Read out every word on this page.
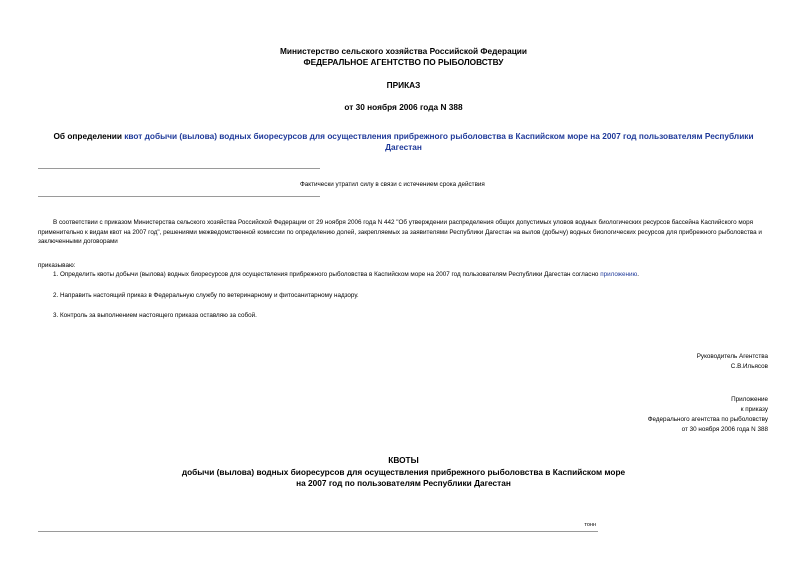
Министерство сельского хозяйства Российской Федерации
ФЕДЕРАЛЬНОЕ АГЕНТСТВО ПО РЫБОЛОВСТВУ
ПРИКАЗ
от 30 ноября 2006 года N 388
Об определении квот добычи (вылова) водных биоресурсов для осуществления прибрежного рыболовства в Каспийском море на 2007 год пользователям Республики Дагестан
Фактически утратил силу в связи с истечением срока действия
В соответствии с приказом Министерства сельского хозяйства Российской Федерации от 29 ноября 2006 года N 442 "Об утверждении распределения общих допустимых уловов водных биологических ресурсов бассейна Каспийского моря применительно к видам квот на 2007 год", решениями межведомственной комиссии по определению долей, закрепляемых за заявителями Республики Дагестан на вылов (добычу) водных биологических ресурсов для прибрежного рыболовства и заключенными договорами
приказываю:
1. Определить квоты добычи (вылова) водных биоресурсов для осуществления прибрежного рыболовства в Каспийском море на 2007 год пользователям Республики Дагестан согласно приложению.
2. Направить настоящий приказ в Федеральную службу по ветеринарному и фитосанитарному надзору.
3. Контроль за выполнением настоящего приказа оставляю за собой.
Руководитель Агентства
С.В.Ильясов
Приложение
к приказу
Федерального агентства по рыболовству
от 30 ноября 2006 года N 388
КВОТЫ
добычи (вылова) водных биоресурсов для осуществления прибрежного рыболовства в Каспийском море
на 2007 год по пользователям Республики Дагестан
тонн
